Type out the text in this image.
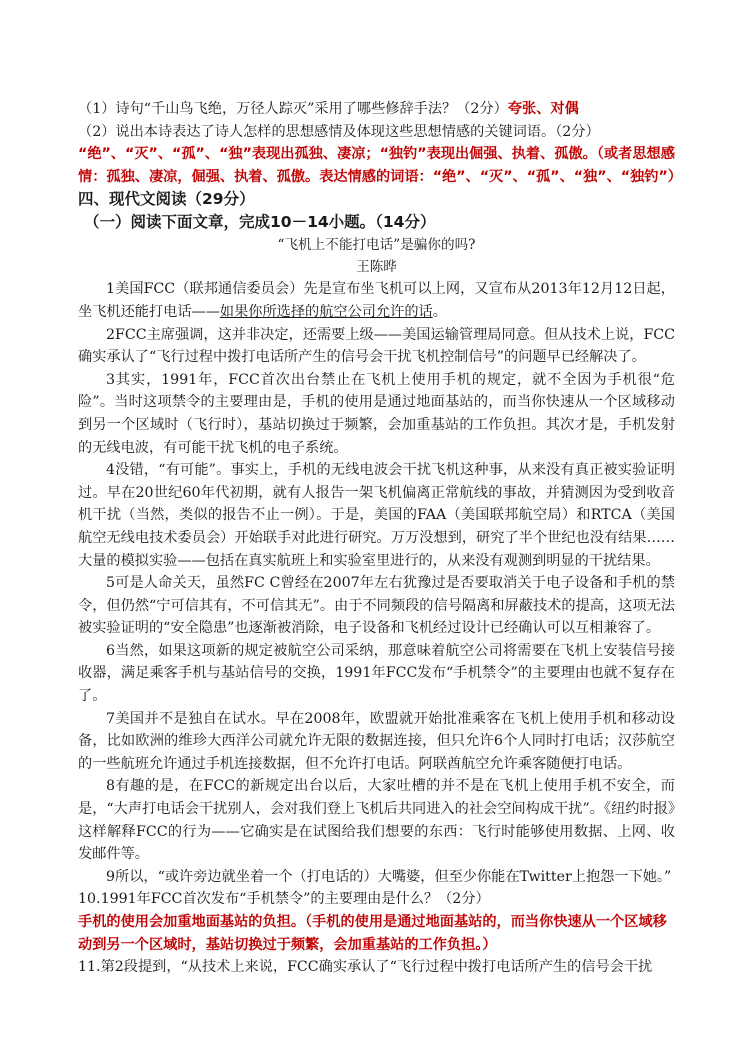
（1）诗句“千山鸟飞绝，万径人踪灭”采用了哪些修辞手法？（2分）夸张、对偶

（2）说出本诗表达了诗人怎样的思想感情及体现这些思想情感的关键词语。（2分）

“绝”、“灭”、“孤”、“独”表现出孤独、凄凉；“独钓”表现出倔强、执着、孤傲。（或者思想感情：孤独、凄凉，倔强、执着、孤傲。表达情感的词语：“绝”、“灭”、“孤”、“独”、“独钓”）

四、现代文阅读（29分）

（一）阅读下面文章，完成10－14小题。（14分）

“飞机上不能打电话”是骗你的吗?

王陈晔

1美国FCC（联邦通信委员会）先是宣布坐飞机可以上网，又宣布从2013年12月12日起，坐飞机还能打电话——如果你所选择的航空公司允许的话。

2FCC主席强调，这并非决定，还需要上级——美国运输管理局同意。但从技术上说，FCC确实承认了“飞行过程中拨打电话所产生的信号会干扰飞机控制信号”的问题早已经解决了。

3其实，1991年，FCC首次出台禁止在飞机上使用手机的规定，就不全因为手机很“危险”。当时这项禁令的主要理由是，手机的使用是通过地面基站的，而当你快速从一个区域移动到另一个区域时（飞行时），基站切换过于频繁，会加重基站的工作负担。其次才是，手机发射的无线电波，有可能干扰飞机的电子系统。

4没错，“有可能”。事实上，手机的无线电波会干扰飞机这种事，从来没有真正被实验证明过。早在20世纪60年代初期，就有人报告一架飞机偏离正常航线的事故，并猜测因为受到收音机干扰（当然，类似的报告不止一例）。于是，美国的FAA（美国联邦航空局）和RTCA（美国航空无线电技术委员会）开始联手对此进行研究。万万没想到，研究了半个世纪也没有结果……大量的模拟实验——包括在真实航班上和实验室里进行的，从来没有观测到明显的干扰结果。

5可是人命关天，虽然FC C曾经在2007年左右犹豫过是否要取消关于电子设备和手机的禁令，但仍然“宁可信其有，不可信其无”。由于不同频段的信号隔离和屏蔽技术的提高，这项无法被实验证明的“安全隐患”也逐渐被消除，电子设备和飞机经过设计已经确认可以互相兼容了。

6当然，如果这项新的规定被航空公司采纳，那意味着航空公司将需要在飞机上安装信号接收器，满足乘客手机与基站信号的交换，1991年FCC发布“手机禁令”的主要理由也就不复存在了。

7美国并不是独自在试水。早在2008年，欧盟就开始批准乘客在飞机上使用手机和移动设备，比如欧洲的维珍大西洋公司就允许无限的数据连接，但只允许6个人同时打电话；汉莎航空的一些航班允许通过手机连接数据，但不允许打电话。阿联酋航空允许乘客随便打电话。

8有趣的是，在FCC的新规定出台以后，大家吐槽的并不是在飞机上使用手机不安全，而是，“大声打电话会干扰别人，会对我们登上飞机后共同进入的社会空间构成干扰”。《纽约时报》这样解释FCC的行为——它确实是在试图给我们想要的东西：飞行时能够使用数据、上网、收发邮件等。

9所以，“或许旁边就坐着一个（打电话的）大嘴婆，但至少你能在Twitter上抱怨一下她。”

10.1991年FCC首次发布“手机禁令”的主要理由是什么？（2分）

手机的使用会加重地面基站的负担。（手机的使用是通过地面基站的，而当你快速从一个区域移动到另一个区域时，基站切换过于频繁，会加重基站的工作负担。）

11.第2段提到，“从技术上来说，FCC确实承认了“飞行过程中拨打电话所产生的信号会干扰
